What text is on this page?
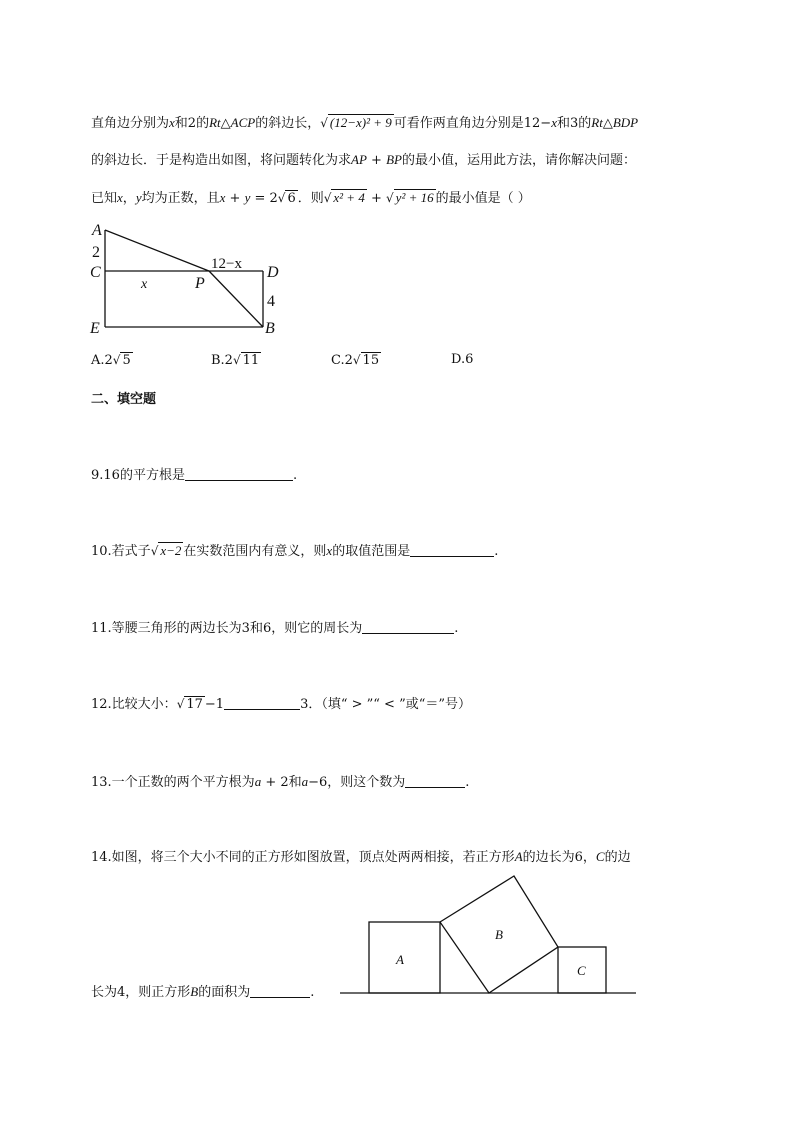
直角边分别为x和2的Rt△ACP的斜边长，√ (12−x)² + 9 可看作两直角边分别是12−x和3的Rt△BDP
的斜边长．于是构造出如图，将问题转化为求AP + BP的最小值，运用此方法，请你解决问题：
已知x，y均为正数，且x + y = 2√ 6 ．则√ x² + 4 + √ y² + 16 的最小值是（ ）
A
2
C
x	P
12−x D
4
E	B
A.2√ 5	B.2√ 11	C.2√ 15	D.6
二、填空题
9.16的平方根是	.
10.若式子√ x−2 在实数范围内有意义，则x的取值范围是	.
11.等腰三角形的两边长为3和6，则它的周长为	.
12.比较大小：√ 17 −1	3．（填“ > ”“ < ”或“＝”号）
13.一个正数的两个平方根为a + 2和a−6，则这个数为	.
14.如图，将三个大小不同的正方形如图放置，顶点处两两相接，若正方形A的边长为6，C的边
长为4，则正方形B的面积为	.
A
B
C
